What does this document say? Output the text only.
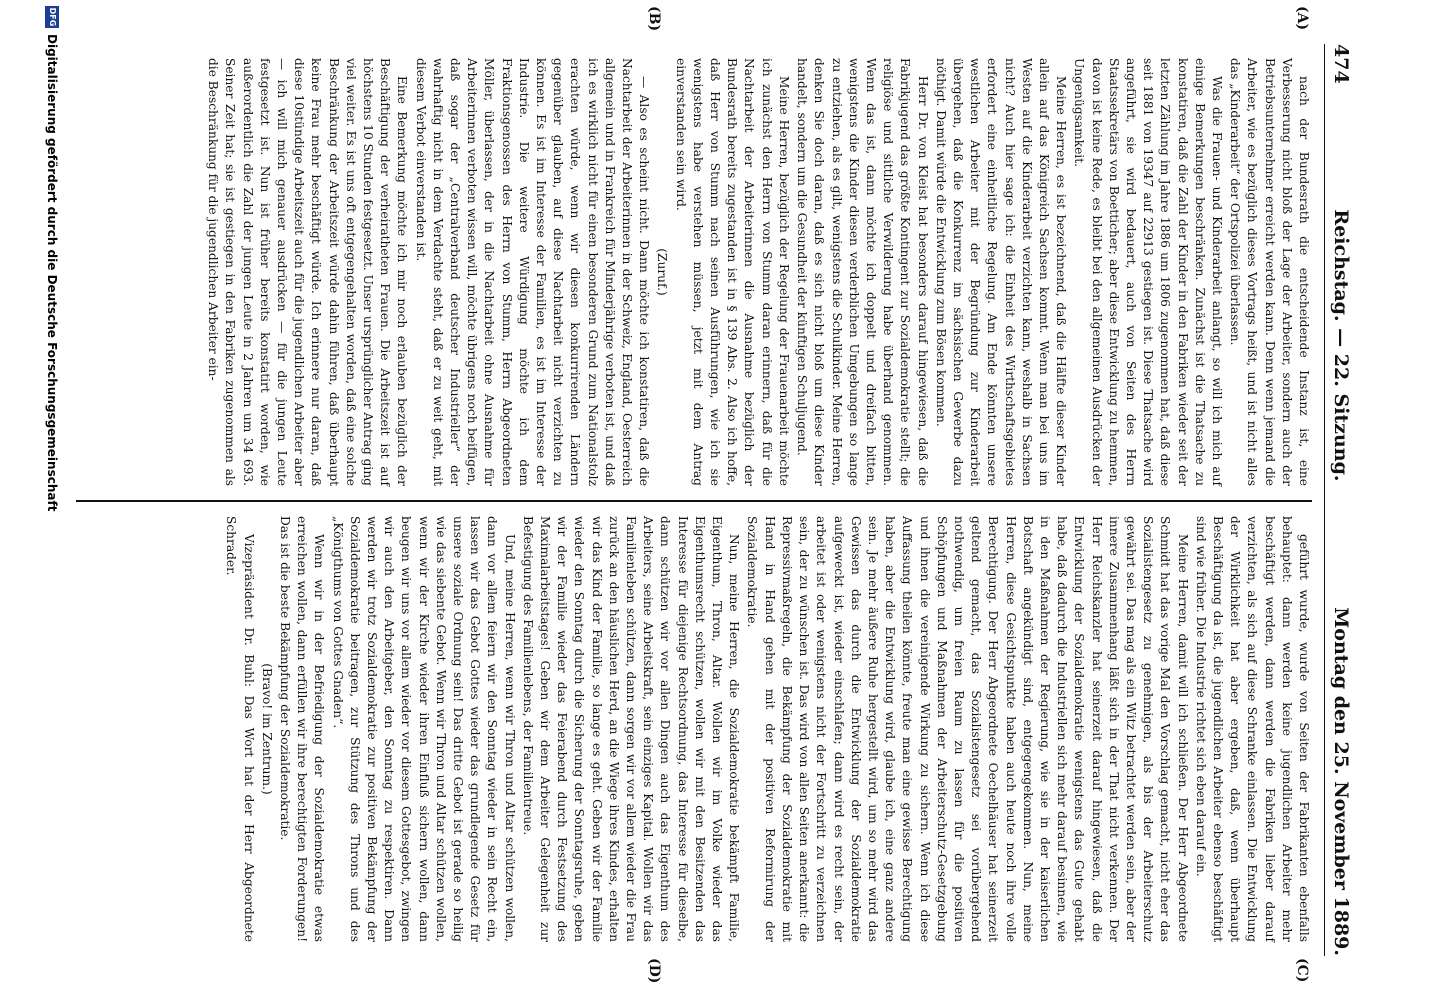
474
Reichstag. — 22. Sitzung.
Montag den 25. November 1889.
(A)
(B)
(C)
(D)

nach der Bundesrath die entscheidende Instanz ist, eine Verbesserung nicht bloß der Lage der Arbeiter, sondern auch der Betriebsunternehmer erreicht werden kann. Denn wenn jemand die Arbeiter, wie es bezüglich dieses Vortrags heißt, und ist nicht alles das „Kinderarbeit“ der Ortspolizei überlassen.

Was die Frauen- und Kinderarbeit anlangt, so will ich mich auf einige Bemerkungen beschränken. Zunächst ist die Thatsache zu konstatiren, daß die Zahl der Kinder in den Fabriken wieder seit der letzten Zählung im Jahre 1886 um 1806 zugenommen hat, daß diese seit 1881 von 19347 auf 22913 gestiegen ist. Diese Thatsache wird angeführt, sie wird bedauert, auch von Seiten des Herrn Staatssekretärs von Boetticher; aber diese Entwicklung zu hemmen, davon ist keine Rede, es bleibt bei den allgemeinen Ausdrücken der Ungenügsamkeit.

Meine Herren, es ist bezeichnend, daß die Hälfte dieser Kinder allein auf das Königreich Sachsen kommt. Wenn man bei uns im Westen auf die Kinderarbeit verzichten kann, weshalb in Sachsen nicht? Auch hier sage ich: die Einheit des Wirthschaftsgebietes erfordert eine einheitliche Regelung. Am Ende könnten unsere westlichen Arbeiter mit der Begründung zur Kinderarbeit übergehen, daß die Konkurrenz im sächsischen Gewerbe dazu nöthigt. Damit würde die Entwicklung zum Bösen kommen.

Herr Dr. von Kleist hat besonders darauf hingewiesen, daß die Fabrikjugend das größte Kontingent zur Sozialdemokratie stellt; die religiöse und sittliche Verwilderung habe überhand genommen. Wenn das ist, dann möchte ich doppelt und dreifach bitten, wenigstens die Kinder diesen verderblichen Umgebungen so lange zu entziehen, als es gilt, wenigstens die Schulkinder. Meine Herren, denken Sie doch daran, daß es sich nicht bloß um diese Kinder handelt, sondern um die Gesundheit der künftigen Schuljugend.

Meine Herren, bezüglich der Regelung der Frauenarbeit möchte ich zunächst den Herrn von Stumm daran erinnern, daß für die Nachtarbeit der Arbeiterinnen die Ausnahme bezüglich der Bundesrath bereits zugestanden ist in § 139 Abs. 2. Also ich hoffe, daß Herr von Stumm nach seinen Ausführungen, wie ich sie wenigstens habe verstehen müssen, jetzt mit dem Antrag einverstanden sein wird.

(Zuruf.)

— Also es scheint nicht. Dann möchte ich konstatiren, daß die Nachtarbeit der Arbeiterinnen in der Schweiz, England, Oesterreich allgemein und in Frankreich für Minderjährige verboten ist, und daß ich es wirklich nicht für einen besonderen Grund zum Nationalstolz erachten würde, wenn wir diesen konkurrirenden Ländern gegenüber glauben, auf diese Nachtarbeit nicht verzichten zu können. Es ist im Interesse der Familien, es ist im Interesse der Industrie. Die weitere Würdigung möchte ich dem Fraktionsgenossen des Herrn von Stumm, Herrn Abgeordneten Möller, überlassen, der in die Nachtarbeit ohne Ausnahme für Arbeiterinnen verboten wissen will, möchte übrigens noch beifügen, daß sogar der „Centralverband deutscher Industrieller“ der wahrhaftig nicht in dem Verdachte steht, daß er zu weit geht, mit diesem Verbot einverstanden ist.

Eine Bemerkung möchte ich mir noch erlauben bezüglich der Beschäftigung der verheiratheten Frauen. Die Arbeitszeit ist auf höchstens 10 Stunden festgesetzt. Unser ursprünglicher Antrag ging viel weiter. Es ist uns oft entgegengehalten worden, daß eine solche Beschränkung der Arbeitszeit würde dahin führen, daß überhaupt keine Frau mehr beschäftigt würde. Ich erinnere nur daran, daß diese 10stündige Arbeitszeit auch für die jugendlichen Arbeiter aber — ich will mich genauer ausdrücken — für die jungen Leute festgesetzt ist. Nun ist früher bereits konstatirt worden, wie außerordentlich die Zahl der jungen Leute in 2 Jahren um 34 693. Seiner Zeit hat; sie ist gestiegen in den Fabriken zugenommen als die Beschränkung für die jugendlichen Arbeiter ein-

geführt wurde, wurde von Seiten der Fabrikanten ebenfalls behauptet: dann werden keine jugendlichen Arbeiter mehr beschäftigt werden, dann werden die Fabriken lieber darauf verzichten, als sich auf diese Schranke einlassen. Die Entwicklung der Wirklichkeit hat aber ergeben, daß, wenn überhaupt Beschäftigung da ist, die jugendlichen Arbeiter ebenso beschäftigt sind wie früher. Die Industrie richtet sich eben darauf ein.

Meine Herren, damit will ich schließen. Der Herr Abgeordnete Schmidt hat das vorige Mal den Vorschlag gemacht, nicht eher das Sozialistengesetz zu genehmigen, als bis der Arbeiterschutz gewährt sei. Das mag als ein Witz betrachtet werden sein, aber der innere Zusammenhang läßt sich in der That nicht verkennen. Der Herr Reichskanzler hat seinerzeit darauf hingewiesen, daß die Entwicklung der Sozialdemokratie wenigstens das Gute gehabt habe, daß dadurch die Industriellen sich mehr darauf besinnen, wie in den Maßnahmen der Regierung, wie sie in der kaiserlichen Botschaft angekündigt sind, entgegengekommen. Nun, meine Herren, diese Gesichtspunkte haben auch heute noch ihre volle Berechtigung. Der Herr Abgeordnete Oechelhäuser hat seinerzeit geltend gemacht, das Sozialistengesetz sei vorübergehend nothwendig, um freien Raum zu lassen für die positiven Schöpfungen und Maßnahmen der Arbeiterschutz-Gesetzgebung und ihnen die vereinigende Wirkung zu sichern. Wenn ich diese Auffassung theilen könnte, freute man eine gewisse Berechtigung haben, aber die Entwicklung wird, glaube ich, eine ganz andere sein. Je mehr äußere Ruhe hergestellt wird, um so mehr wird das Gewissen das durch die Entwicklung der Sozialdemokratie aufgeweckt ist, wieder einschlafen; dann wird es recht sein, der arbeitet ist oder wenigstens nicht der Fortschritt zu verzeichnen sein, der zu wünschen ist. Das wird von allen Seiten anerkannt: die Repressivmaßregeln, die Bekämpfung der Sozialdemokratie mit Hand in Hand gehen mit der positiven Reformirung der Sozialdemokratie.

Nun, meine Herren, die Sozialdemokratie bekämpft Familie, Eigenthum, Thron, Altar. Wollen wir im Volke wieder das Eigenthumsrecht schützen, wollen wir mit den Besitzenden das Interesse für diejenige Rechtsordnung, das Interesse für dieselbe, dann schützen wir vor allen Dingen auch das Eigenthum des Arbeiters, seine Arbeitskraft, sein einziges Kapital. Wollen wir das Familienleben schützen, dann sorgen wir vor allem wieder die Frau zurück an den häuslichen Herd, an die Wiege ihres Kindes, erhalten wir das Kind der Familie, so lange es geht. Geben wir der Familie wieder den Sonntag durch die Sicherung der Sonntagsruhe, geben wir der Familie wieder das Feierabend durch Festsetzung des Maximalarbeitstages! Geben wir dem Arbeiter Gelegenheit zur Befestigung des Familienlebens, der Familientreue.

Und, meine Herren, wenn wir Thron und Altar schützen wollen, dann vor allem feiern wir den Sonntag wieder in sein Recht ein, lassen wir das Gebot Gottes wieder das grundlegende Gesetz für unsere soziale Ordnung sein! Das dritte Gebot ist gerade so heilig wie das siebente Gebot. Wenn wir Thron und Altar schützen wollen, wenn wir der Kirche wieder ihren Einfluß sichern wollen, dann beugen wir uns vor allem wieder vor diesem Gottesgebot, zwingen wir auch den Arbeitgeber, den Sonntag zu respektiren. Dann werden wir trotz Sozialdemokratie zur positiven Bekämpfung der Sozialdemokratie beitragen, zur Stützung des Throns und des „Königthums von Gottes Gnaden“.

Wenn wir in der Befriedigung der Sozialdemokratie etwas erreichen wollen, dann erfüllen wir ihre berechtigten Forderungen! Das ist die beste Bekämpfung der Sozialdemokratie.

(Bravo! im Zentrum.)

Vizepräsident Dr. Buhl: Das Wort hat der Herr Abgeordnete Schrader.

DFG
Digitalisierung gefördert durch die Deutsche Forschungsgemeinschaft
